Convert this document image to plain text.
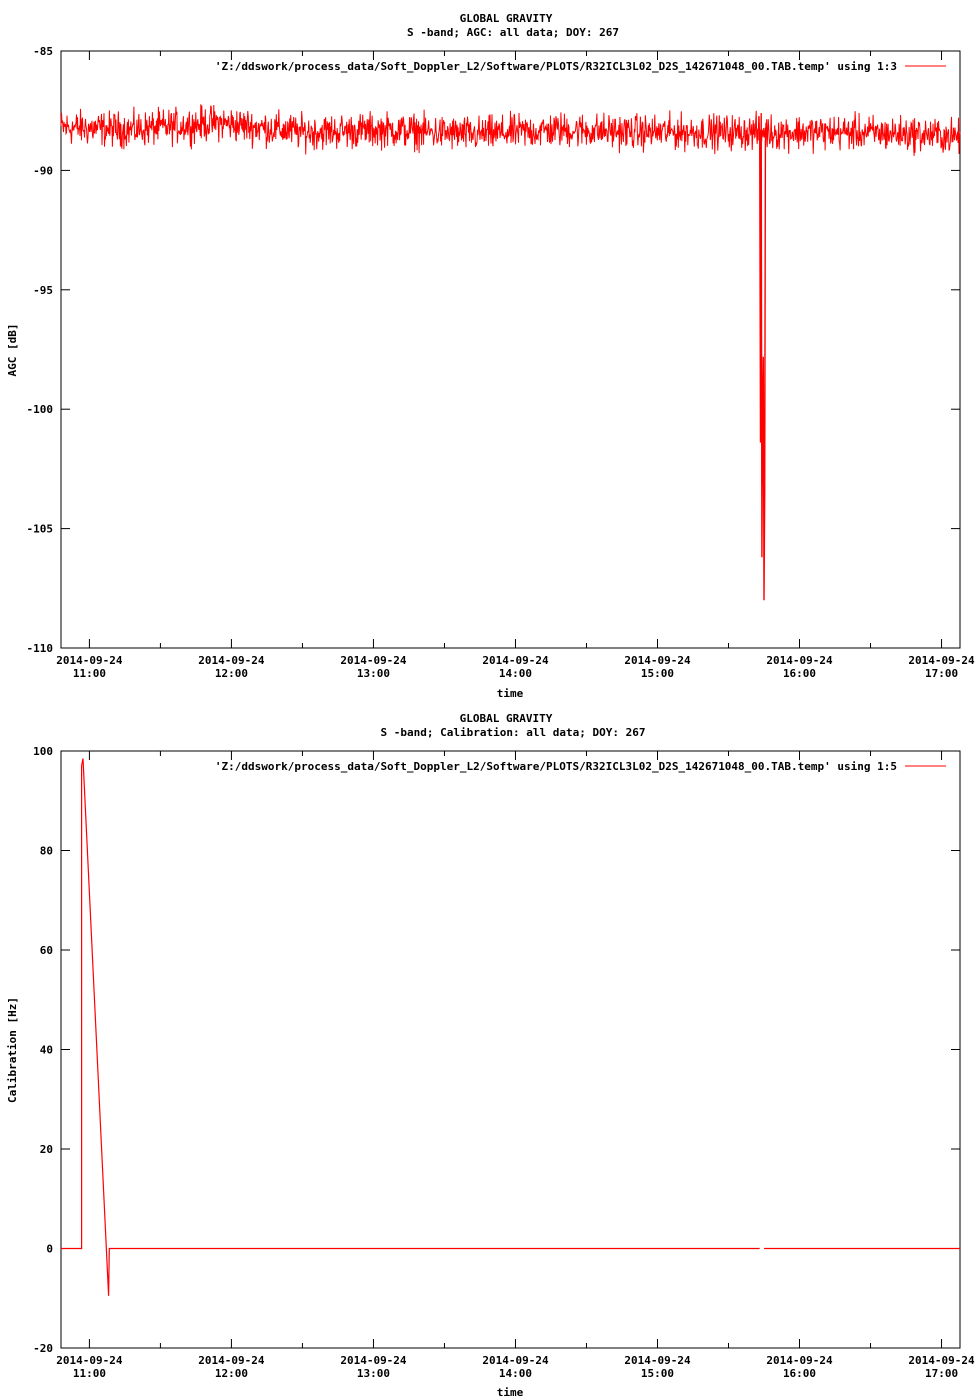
GLOBAL GRAVITY
S -band; AGC: all data; DOY: 267
-85
-90
-95
-100
-105
-110
2014-09-24
11:00
2014-09-24
12:00
2014-09-24
13:00
2014-09-24
14:00
2014-09-24
15:00
2014-09-24
16:00
2014-09-24
17:00
AGC [dB]
time
'Z:/ddswork/process_data/Soft_Doppler_L2/Software/PLOTS/R32ICL3L02_D2S_142671048_00.TAB.temp' using 1:3
GLOBAL GRAVITY
S -band; Calibration: all data; DOY: 267
100
80
60
40
20
0
-20
2014-09-24
11:00
2014-09-24
12:00
2014-09-24
13:00
2014-09-24
14:00
2014-09-24
15:00
2014-09-24
16:00
2014-09-24
17:00
Calibration [Hz]
time
'Z:/ddswork/process_data/Soft_Doppler_L2/Software/PLOTS/R32ICL3L02_D2S_142671048_00.TAB.temp' using 1:5
